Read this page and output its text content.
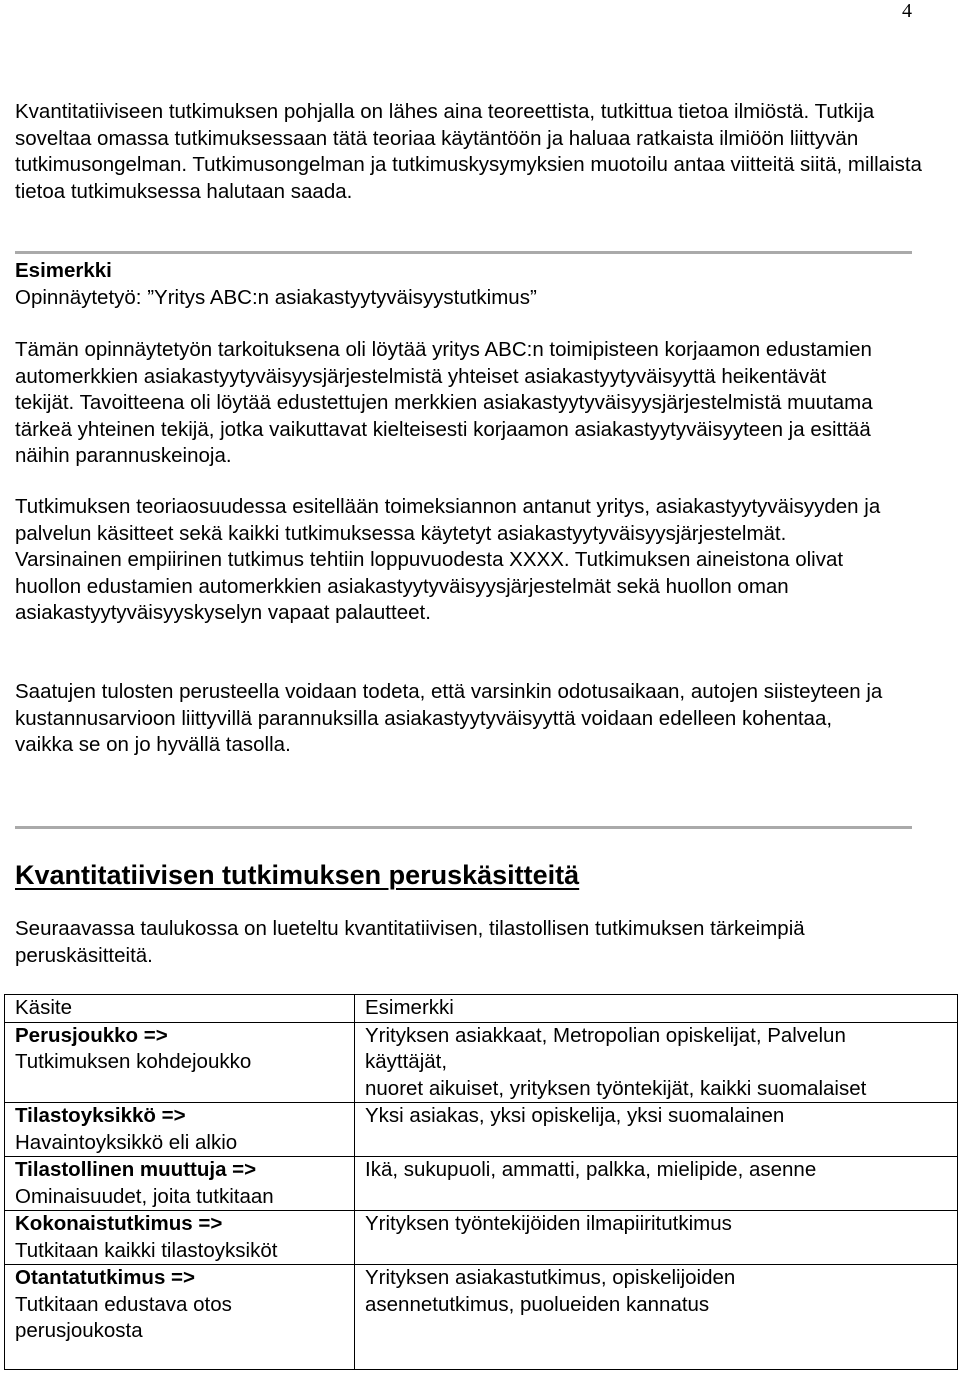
4

Kvantitatiiviseen tutkimuksen pohjalla on lähes aina teoreettista, tutkittua tietoa ilmiöstä. Tutkija soveltaa omassa tutkimuksessaan tätä teoriaa käytäntöön ja haluaa ratkaista ilmiöön liittyvän tutkimusongelman. Tutkimusongelman ja tutkimuskysymyksien muotoilu antaa viitteitä siitä, millaista tietoa tutkimuksessa halutaan saada.

Esimerkki

Opinnäytetyö: ”Yritys ABC:n asiakastyytyväisyystutkimus”

Tämän opinnäytetyön tarkoituksena oli löytää yritys ABC:n toimipisteen korjaamon edustamien automerkkien asiakastyytyväisyysjärjestelmistä yhteiset asiakastyytyväisyyttä heikentävät tekijät. Tavoitteena oli löytää edustettujen merkkien asiakastyytyväisyysjärjestelmistä muutama tärkeä yhteinen tekijä, jotka vaikuttavat kielteisesti korjaamon asiakastyytyväisyyteen ja esittää näihin parannuskeinoja.

Tutkimuksen teoriaosuudessa esitellään toimeksiannon antanut yritys, asiakastyytyväisyyden ja palvelun käsitteet sekä kaikki tutkimuksessa käytetyt asiakastyytyväisyysjärjestelmät. Varsinainen empiirinen tutkimus tehtiin loppuvuodesta XXXX. Tutkimuksen aineistona olivat huollon edustamien automerkkien asiakastyytyväisyysjärjestelmät sekä huollon oman asiakastyytyväisyyskyselyn vapaat palautteet.

Saatujen tulosten perusteella voidaan todeta, että varsinkin odotusaikaan, autojen siisteyteen ja kustannusarvioon liittyvillä parannuksilla asiakastyytyväisyyttä voidaan edelleen kohentaa, vaikka se on jo hyvällä tasolla.

Kvantitatiivisen tutkimuksen peruskäsitteitä

Seuraavassa taulukossa on lueteltu kvantitatiivisen, tilastollisen tutkimuksen tärkeimpiä peruskäsitteitä.

Käsite	Esimerkki

Perusjoukko =>
Tutkimuksen kohdejoukko	Yrityksen asiakkaat, Metropolian opiskelijat, Palvelun käyttäjät,
nuoret aikuiset, yrityksen työntekijät, kaikki suomalaiset

Tilastoyksikkö =>
Havaintoyksikkö eli alkio	Yksi asiakas, yksi opiskelija, yksi suomalainen

Tilastollinen muuttuja =>
Ominaisuudet, joita tutkitaan	Ikä, sukupuoli, ammatti, palkka, mielipide, asenne

Kokonaistutkimus =>
Tutkitaan kaikki tilastoyksiköt	Yrityksen työntekijöiden ilmapiiritutkimus

Otantatutkimus =>
Tutkitaan edustava otos perusjoukosta	Yrityksen asiakastutkimus, opiskelijoiden asennetutkimus, puolueiden kannatus
